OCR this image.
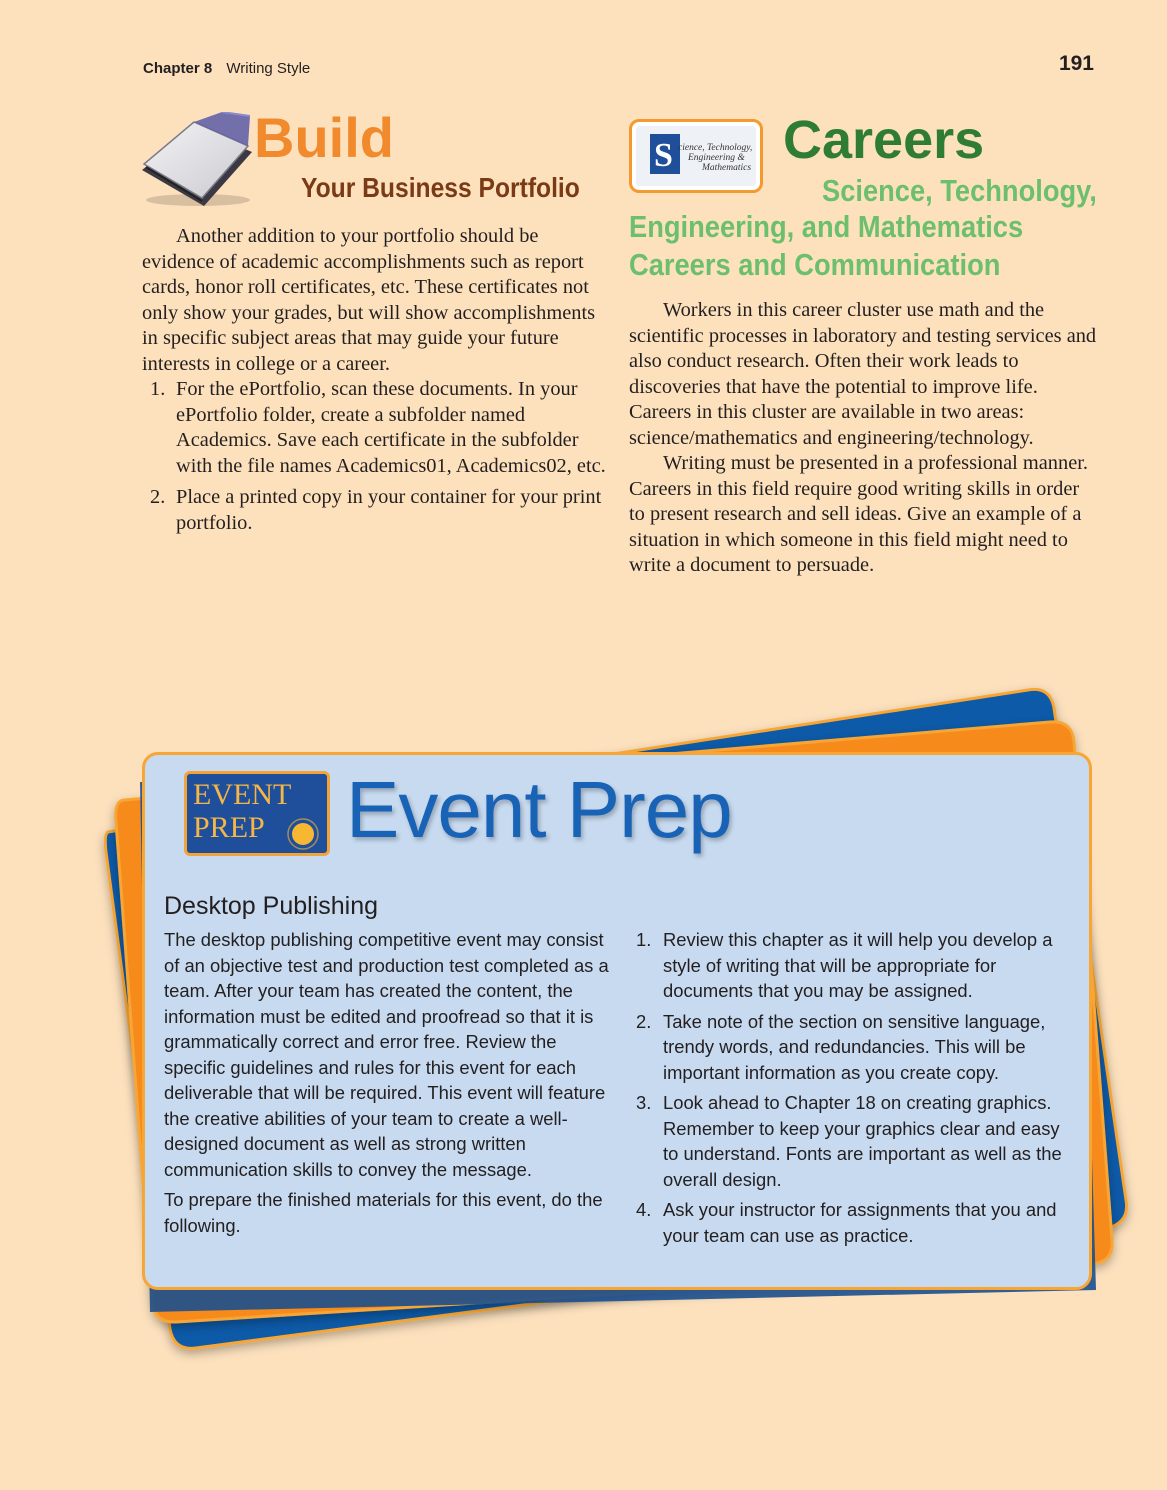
Chapter 8 Writing Style	191
Build
Your Business Portfolio

Another addition to your portfolio should be evidence of academic accomplishments such as report cards, honor roll certificates, etc. These certificates not only show your grades, but will show accomplishments in specific subject areas that may guide your future interests in college or a career.

1. For the ePortfolio, scan these documents. In your ePortfolio folder, create a subfolder named Academics. Save each certificate in the subfolder with the file names Academics01, Academics02, etc.
2. Place a printed copy in your container for your print portfolio.
S cience, Technology,
Engineering &
Mathematics Careers
Science, Technology,
Engineering, and Mathematics
Careers and Communication

Workers in this career cluster use math and the scientific processes in laboratory and testing services and also conduct research. Often their work leads to discoveries that have the potential to improve life. Careers in this cluster are available in two areas: science/mathematics and engineering/technology.

Writing must be presented in a professional manner. Careers in this field require good writing skills in order to present research and sell ideas. Give an example of a situation in which someone in this field might need to write a document to persuade.

EVENT
PREP Event Prep
Desktop Publishing

The desktop publishing competitive event may consist of an objective test and production test completed as a team. After your team has created the content, the information must be edited and proofread so that it is grammatically correct and error free. Review the specific guidelines and rules for this event for each deliverable that will be required. This event will feature the creative abilities of your team to create a well-designed document as well as strong written communication skills to convey the message.

To prepare the finished materials for this event, do the following.

1. Review this chapter as it will help you develop a style of writing that will be appropriate for documents that you may be assigned.
2. Take note of the section on sensitive language, trendy words, and redundancies. This will be important information as you create copy.
3. Look ahead to Chapter 18 on creating graphics. Remember to keep your graphics clear and easy to understand. Fonts are important as well as the overall design.
4. Ask your instructor for assignments that you and your team can use as practice.
